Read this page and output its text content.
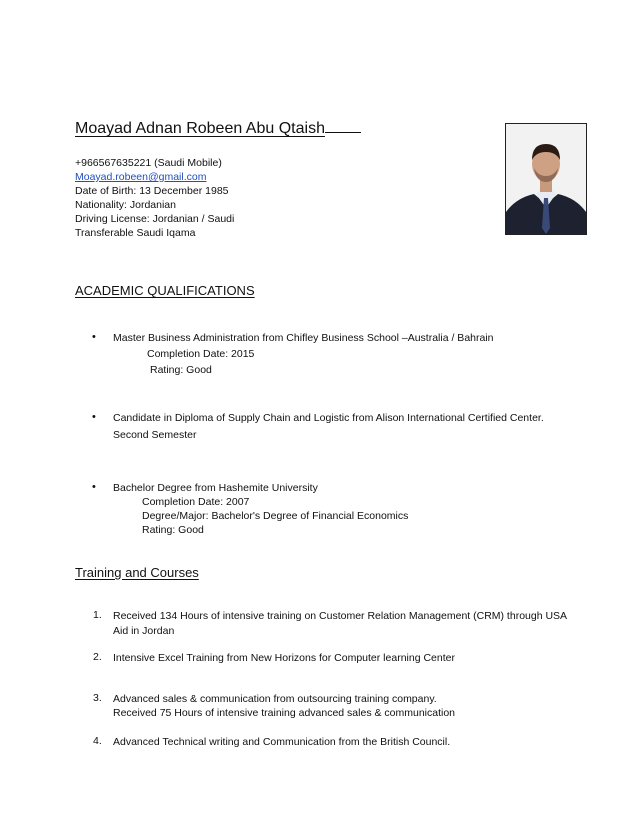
Moayad Adnan Robeen Abu Qtaish
+966567635221 (Saudi Mobile)
Moayad.robeen@gmail.com
Date of Birth: 13 December 1985
Nationality: Jordanian
Driving License: Jordanian / Saudi
Transferable Saudi Iqama
ACADEMIC QUALIFICATIONS
• Master Business Administration from Chifley Business School –Australia / Bahrain
Completion Date: 2015
Rating: Good
• Candidate in Diploma of Supply Chain and Logistic from Alison International Certified Center.
Second Semester
• Bachelor Degree from Hashemite University
Completion Date: 2007
Degree/Major: Bachelor's Degree of Financial Economics
Rating: Good
Training and Courses
1. Received 134 Hours of intensive training on Customer Relation Management (CRM) through USA
Aid in Jordan
2. Intensive Excel Training from New Horizons for Computer learning Center
3. Advanced sales & communication from outsourcing training company.
Received 75 Hours of intensive training advanced sales & communication
4. Advanced Technical writing and Communication from the British Council.
